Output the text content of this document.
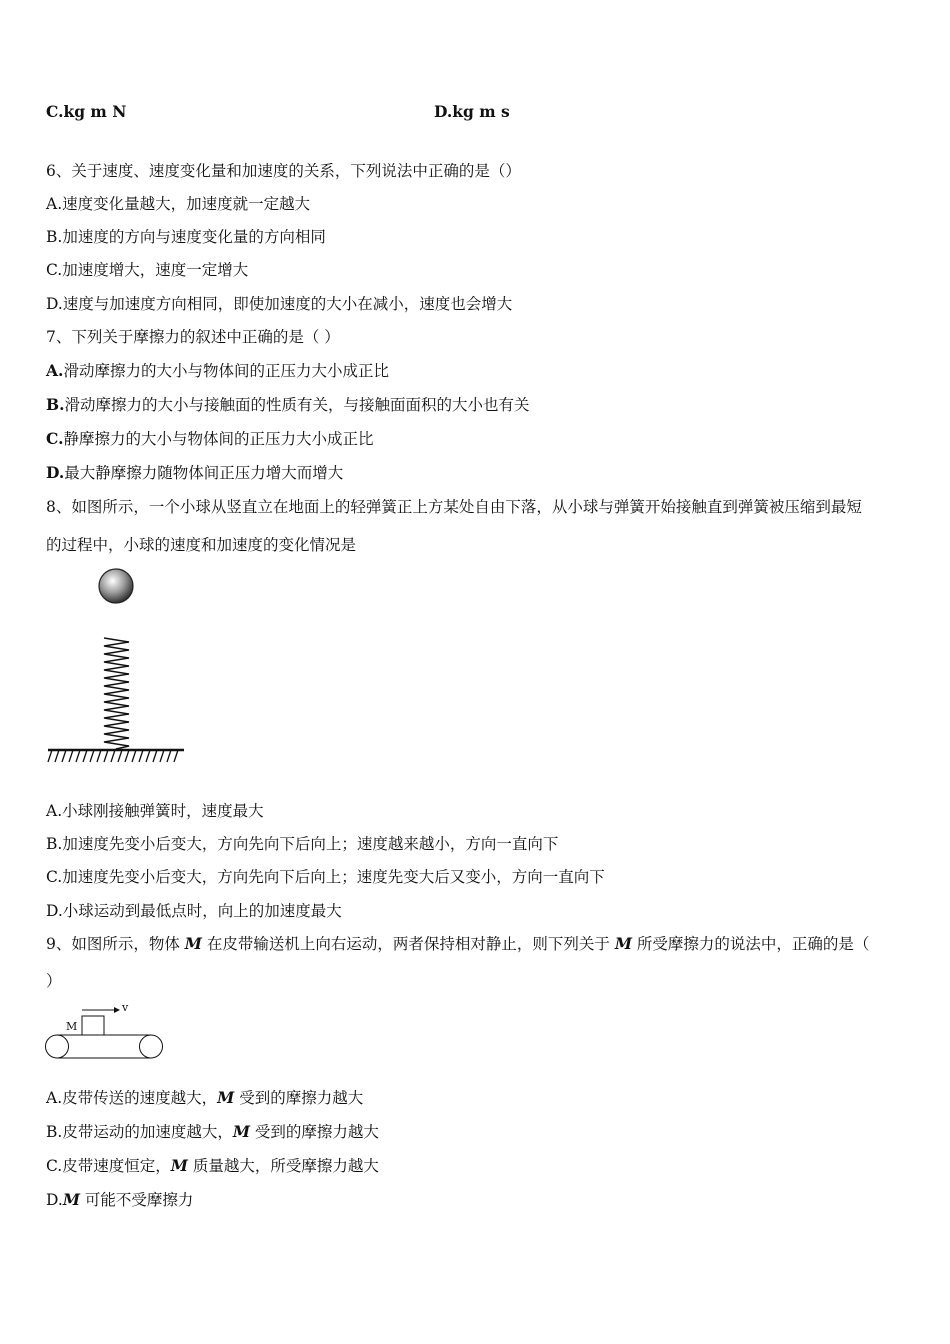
C.kg m N	D.kg m s
6、关于速度、速度变化量和加速度的关系，下列说法中正确的是（）
A.速度变化量越大，加速度就一定越大
B.加速度的方向与速度变化量的方向相同
C.加速度增大，速度一定增大
D.速度与加速度方向相同，即使加速度的大小在减小，速度也会增大
7、下列关于摩擦力的叙述中正确的是（ ）
A.滑动摩擦力的大小与物体间的正压力大小成正比
B.滑动摩擦力的大小与接触面的性质有关，与接触面面积的大小也有关
C.静摩擦力的大小与物体间的正压力大小成正比
D.最大静摩擦力随物体间正压力增大而增大
8、如图所示，一个小球从竖直立在地面上的轻弹簧正上方某处自由下落，从小球与弹簧开始接触直到弹簧被压缩到最短
的过程中，小球的速度和加速度的变化情况是
A.小球刚接触弹簧时，速度最大
B.加速度先变小后变大，方向先向下后向上；速度越来越小，方向一直向下
C.加速度先变小后变大，方向先向下后向上；速度先变大后又变小，方向一直向下
D.小球运动到最低点时，向上的加速度最大
9、如图所示，物体 M 在皮带输送机上向右运动，两者保持相对静止，则下列关于 M 所受摩擦力的说法中，正确的是（
）
v
M
A.皮带传送的速度越大，M 受到的摩擦力越大
B.皮带运动的加速度越大，M 受到的摩擦力越大
C.皮带速度恒定，M 质量越大，所受摩擦力越大
D.M 可能不受摩擦力
